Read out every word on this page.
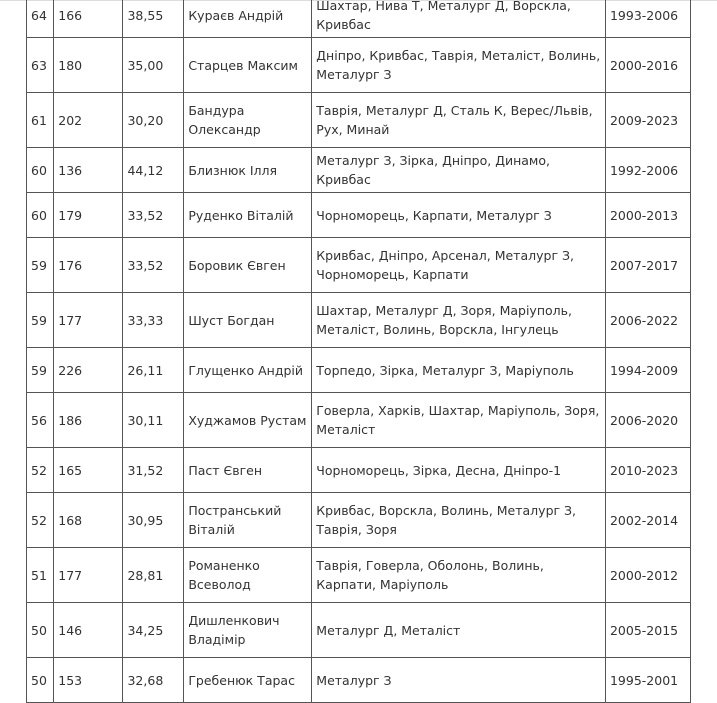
64	166	38,55	Кураєв Андрій	Шахтар, Нива Т, Металург Д, Ворскла, Кривбас	1993-2006
63	180	35,00	Старцев Максим	Дніпро, Кривбас, Таврія, Металіст, Волинь, Металург З	2000-2016
61	202	30,20	Бандура Олександр	Таврія, Металург Д, Сталь К, Верес/Львів, Рух, Минай	2009-2023
60	136	44,12	Близнюк Ілля	Металург З, Зірка, Дніпро, Динамо, Кривбас	1992-2006
60	179	33,52	Руденко Віталій	Чорноморець, Карпати, Металург З	2000-2013
59	176	33,52	Боровик Євген	Кривбас, Дніпро, Арсенал, Металург З, Чорноморець, Карпати	2007-2017
59	177	33,33	Шуст Богдан	Шахтар, Металург Д, Зоря, Маріуполь, Металіст, Волинь, Ворскла, Інгулець	2006-2022
59	226	26,11	Глущенко Андрій	Торпедо, Зірка, Металург З, Маріуполь	1994-2009
56	186	30,11	Худжамов Рустам	Говерла, Харків, Шахтар, Маріуполь, Зоря, Металіст	2006-2020
52	165	31,52	Паст Євген	Чорноморець, Зірка, Десна, Дніпро-1	2010-2023
52	168	30,95	Постранський Віталій	Кривбас, Ворскла, Волинь, Металург З, Таврія, Зоря	2002-2014
51	177	28,81	Романенко Всеволод	Таврія, Говерла, Оболонь, Волинь, Карпати, Маріуполь	2000-2012
50	146	34,25	Дишленкович Владімір	Металург Д, Металіст	2005-2015
50	153	32,68	Гребенюк Тарас	Металург З	1995-2001
